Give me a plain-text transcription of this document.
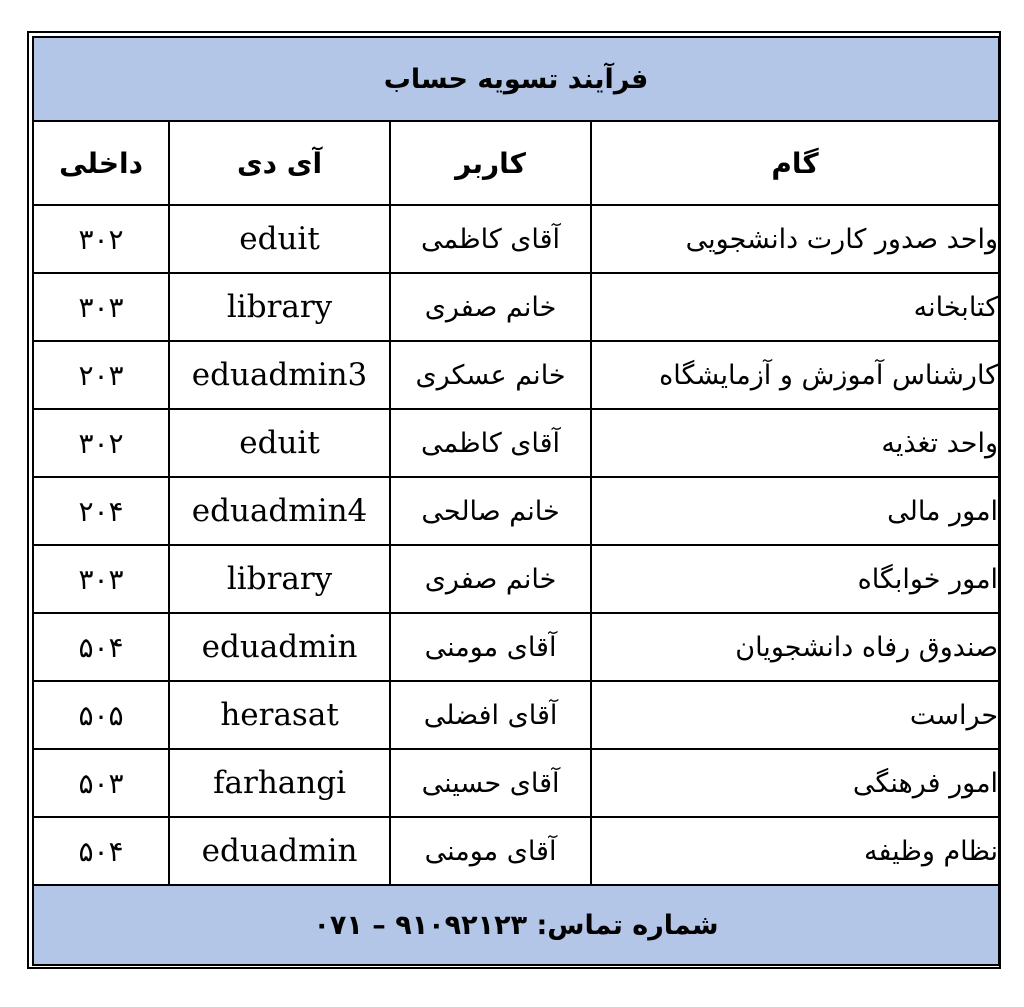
فرآیند تسویه حساب			
گام	کاربر	آی دی	داخلی
واحد صدور کارت دانشجویی	آقای کاظمی	eduit	۳۰۲
کتابخانه	خانم صفری	library	۳۰۳
کارشناس آموزش و آزمایشگاه	خانم عسکری	eduadmin3	۲۰۳
واحد تغذیه	آقای کاظمی	eduit	۳۰۲
امور مالی	خانم صالحی	eduadmin4	۲۰۴
امور خوابگاه	خانم صفری	library	۳۰۳
صندوق رفاه دانشجویان	آقای مومنی	eduadmin	۵۰۴
حراست	آقای افضلی	herasat	۵۰۵
امور فرهنگی	آقای حسینی	farhangi	۵۰۳
نظام وظیفه	آقای مومنی	eduadmin	۵۰۴
شماره تماس: ۹۱۰۹۲۱۲۳ – ۰۷۱			
